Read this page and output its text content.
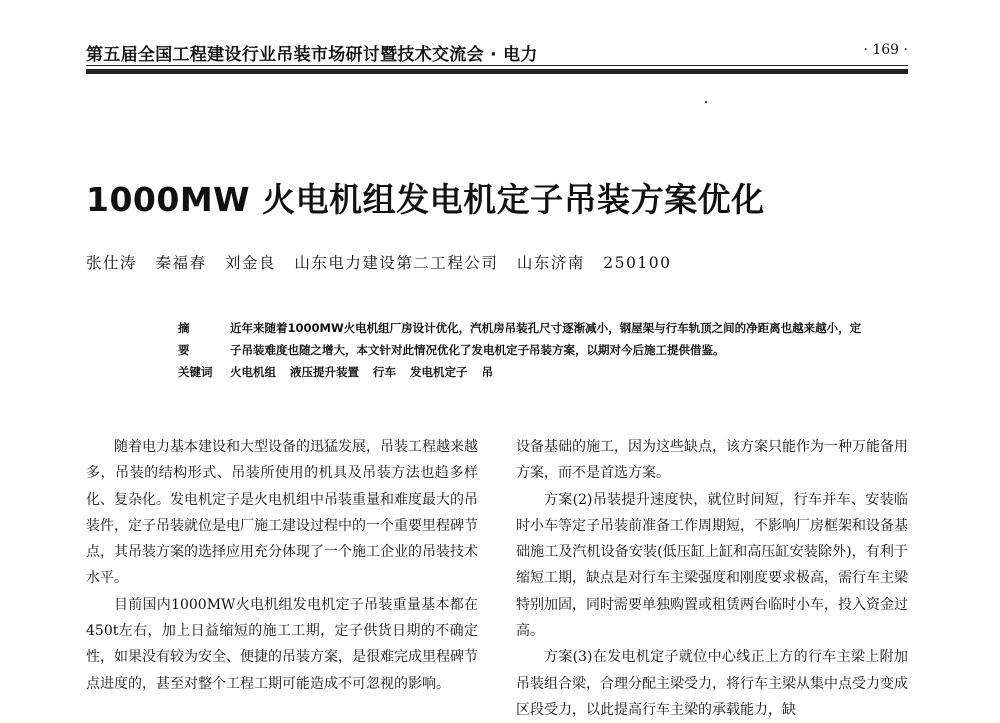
第五届全国工程建设行业吊装市场研讨暨技术交流会 · 电力	· 169 ·
1000MW 火电机组发电机定子吊装方案优化
张仕涛 秦福春 刘金良 山东电力建设第二工程公司 山东济南 250100
摘 要
近年来随着1000MW火电机组厂房设计优化，汽机房吊装孔尺寸逐渐减小，钢屋架与行车轨顶之间的净距离也越来越小，定子吊装难度也随之增大，本文针对此情况优化了发电机定子吊装方案，以期对今后施工提供借鉴。
关键词	火电机组 液压提升装置 行车 发电机定子 吊

随着电力基本建设和大型设备的迅猛发展，吊装工程越来越多，吊装的结构形式、吊装所使用的机具及吊装方法也趋多样化、复杂化。发电机定子是火电机组中吊装重量和难度最大的吊装件，定子吊装就位是电厂施工建设过程中的一个重要里程碑节点，其吊装方案的选择应用充分体现了一个施工企业的吊装技术水平。

目前国内1000MW火电机组发电机定子吊装重量基本都在450t左右，加上日益缩短的施工工期，定子供货日期的不确定性，如果没有较为安全、便捷的吊装方案，是很难完成里程碑节点进度的，甚至对整个工程工期可能造成不可忽视的影响。

设备基础的施工，因为这些缺点，该方案只能作为一种万能备用方案，而不是首选方案。

方案(2)吊装提升速度快，就位时间短，行车并车、安装临时小车等定子吊装前准备工作周期短，不影响厂房框架和设备基础施工及汽机设备安装(低压缸上缸和高压缸安装除外)，有利于缩短工期，缺点是对行车主梁强度和刚度要求极高，需行车主梁特别加固，同时需要单独购置或租赁两台临时小车，投入资金过高。

方案(3)在发电机定子就位中心线正上方的行车主梁上附加吊装组合梁，合理分配主梁受力，将行车主梁从集中点受力变成区段受力，以此提高行车主梁的承载能力，缺
